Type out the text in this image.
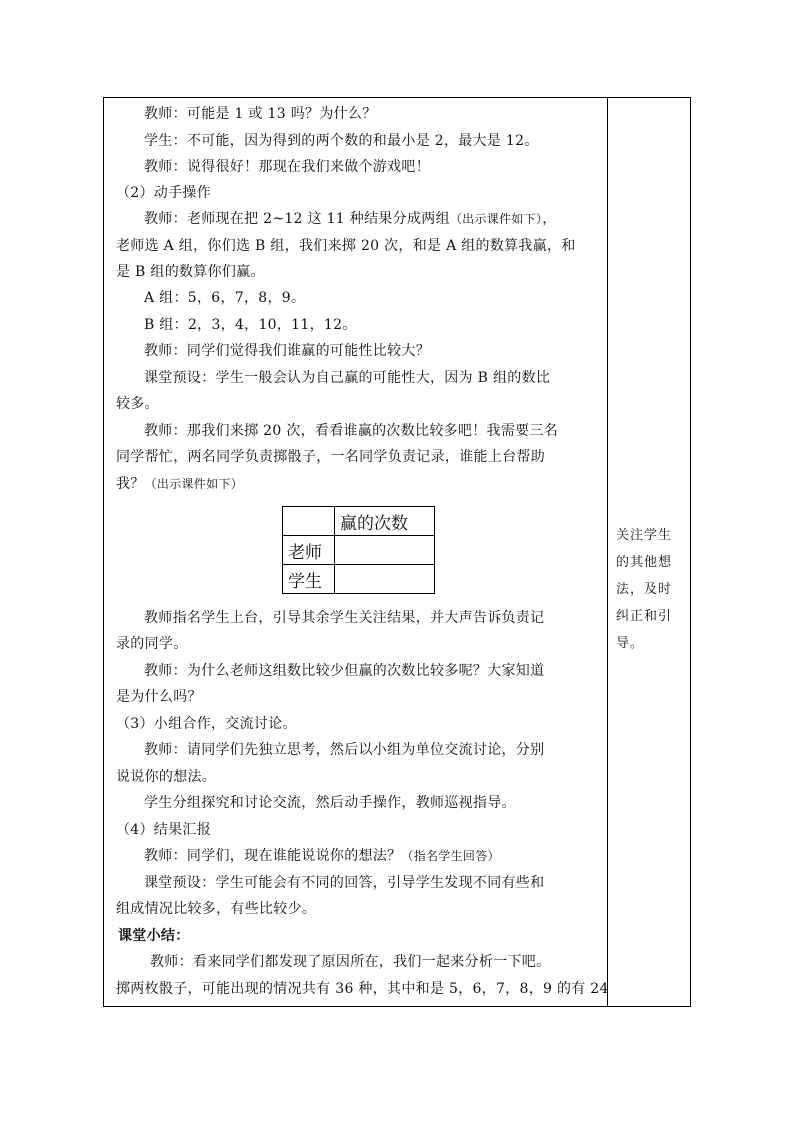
教师：可能是 1 或 13 吗？为什么？
学生：不可能，因为得到的两个数的和最小是 2，最大是 12。
教师：说得很好！那现在我们来做个游戏吧！
（2）动手操作
教师：老师现在把 2~12 这 11 种结果分成两组（出示课件如下），
老师选 A 组，你们选 B 组，我们来掷 20 次，和是 A 组的数算我赢，和
是 B 组的数算你们赢。
A 组：5，6，7，8，9。
B 组：2，3，4，10，11，12。
教师：同学们觉得我们谁赢的可能性比较大？
课堂预设：学生一般会认为自己赢的可能性大，因为 B 组的数比
较多。
教师：那我们来掷 20 次，看看谁赢的次数比较多吧！我需要三名
同学帮忙，两名同学负责掷骰子，一名同学负责记录，谁能上台帮助
我？（出示课件如下）
	赢的次数
老师	
学生	
教师指名学生上台，引导其余学生关注结果，并大声告诉负责记
录的同学。
教师：为什么老师这组数比较少但赢的次数比较多呢？大家知道
是为什么吗？
（3）小组合作，交流讨论。
教师：请同学们先独立思考，然后以小组为单位交流讨论，分别
说说你的想法。
学生分组探究和讨论交流，然后动手操作，教师巡视指导。
（4）结果汇报
教师：同学们，现在谁能说说你的想法？（指名学生回答）
课堂预设：学生可能会有不同的回答，引导学生发现不同有些和
组成情况比较多，有些比较少。
课堂小结：
教师：看来同学们都发现了原因所在，我们一起来分析一下吧。
掷两枚骰子，可能出现的情况共有 36 种，其中和是 5，6，7，8，9 的有 24
关注学生
的其他想
法，及时
纠正和引
导。
